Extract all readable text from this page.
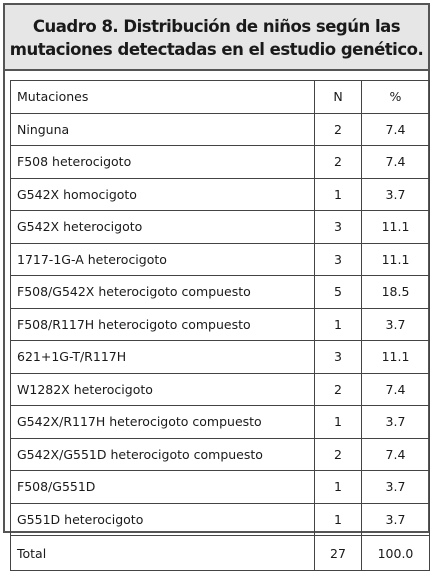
Cuadro 8. Distribución de niños según las
mutaciones detectadas en el estudio genético.
Mutaciones	N	%
Ninguna	2	7.4
F508 heterocigoto	2	7.4
G542X homocigoto	1	3.7
G542X heterocigoto	3	11.1
1717-1G-A heterocigoto	3	11.1
F508/G542X heterocigoto compuesto	5	18.5
F508/R117H heterocigoto compuesto	1	3.7
621+1G-T/R117H	3	11.1
W1282X heterocigoto	2	7.4
G542X/R117H heterocigoto compuesto	1	3.7
G542X/G551D heterocigoto compuesto	2	7.4
F508/G551D	1	3.7
G551D heterocigoto	1	3.7
Total	27	100.0
